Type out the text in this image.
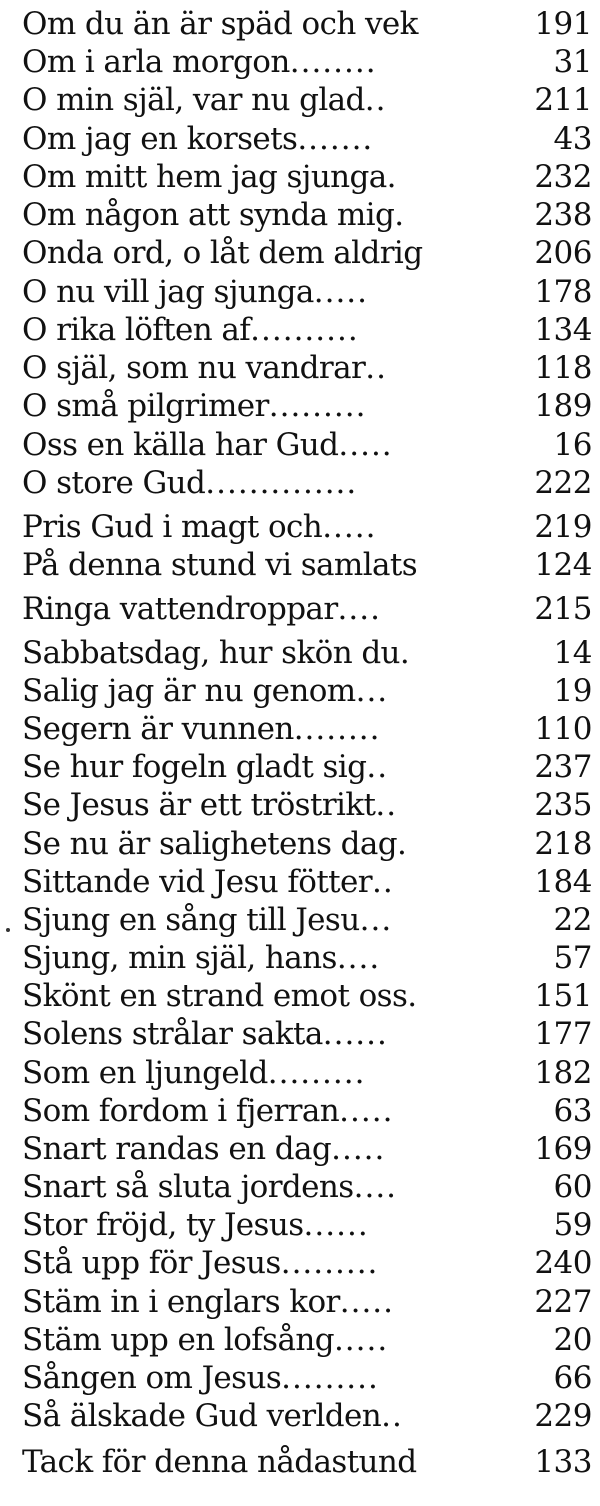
Om du än är späd och vek	191
Om i arla morgon ........	31
O min själ, var nu glad ..	211
Om jag en korsets .......	43
Om mitt hem jag sjunga.	232
Om någon att synda mig.	238
Onda ord, o låt dem aldrig	206
O nu vill jag sjunga .....	178
O rika löften af ..........	134
O själ, som nu vandrar ..	118
O små pilgrimer .........	189
Oss en källa har Gud .....	16
O store Gud ..............	222
Pris Gud i magt och .....	219
På denna stund vi samlats	124
Ringa vattendroppar ....	215
Sabbatsdag, hur skön du.	14
Salig jag är nu genom ...	19
Segern är vunnen ........	110
Se hur fogeln gladt sig ..	237
Se Jesus är ett tröstrikt ..	235
Se nu är salighetens dag.	218
Sittande vid Jesu fötter ..	184
Sjung en sång till Jesu ...	22
Sjung, min själ, hans ....	57
Skönt en strand emot oss.	151
Solens strålar sakta ......	177
Som en ljungeld .........	182
Som fordom i fjerran .....	63
Snart randas en dag .....	169
Snart så sluta jordens ....	60
Stor fröjd, ty Jesus ......	59
Stå upp för Jesus .........	240
Stäm in i englars kor .....	227
Stäm upp en lofsång .....	20
Sången om Jesus .........	66
Så älskade Gud verlden ..	229
Tack för denna nådastund	133
